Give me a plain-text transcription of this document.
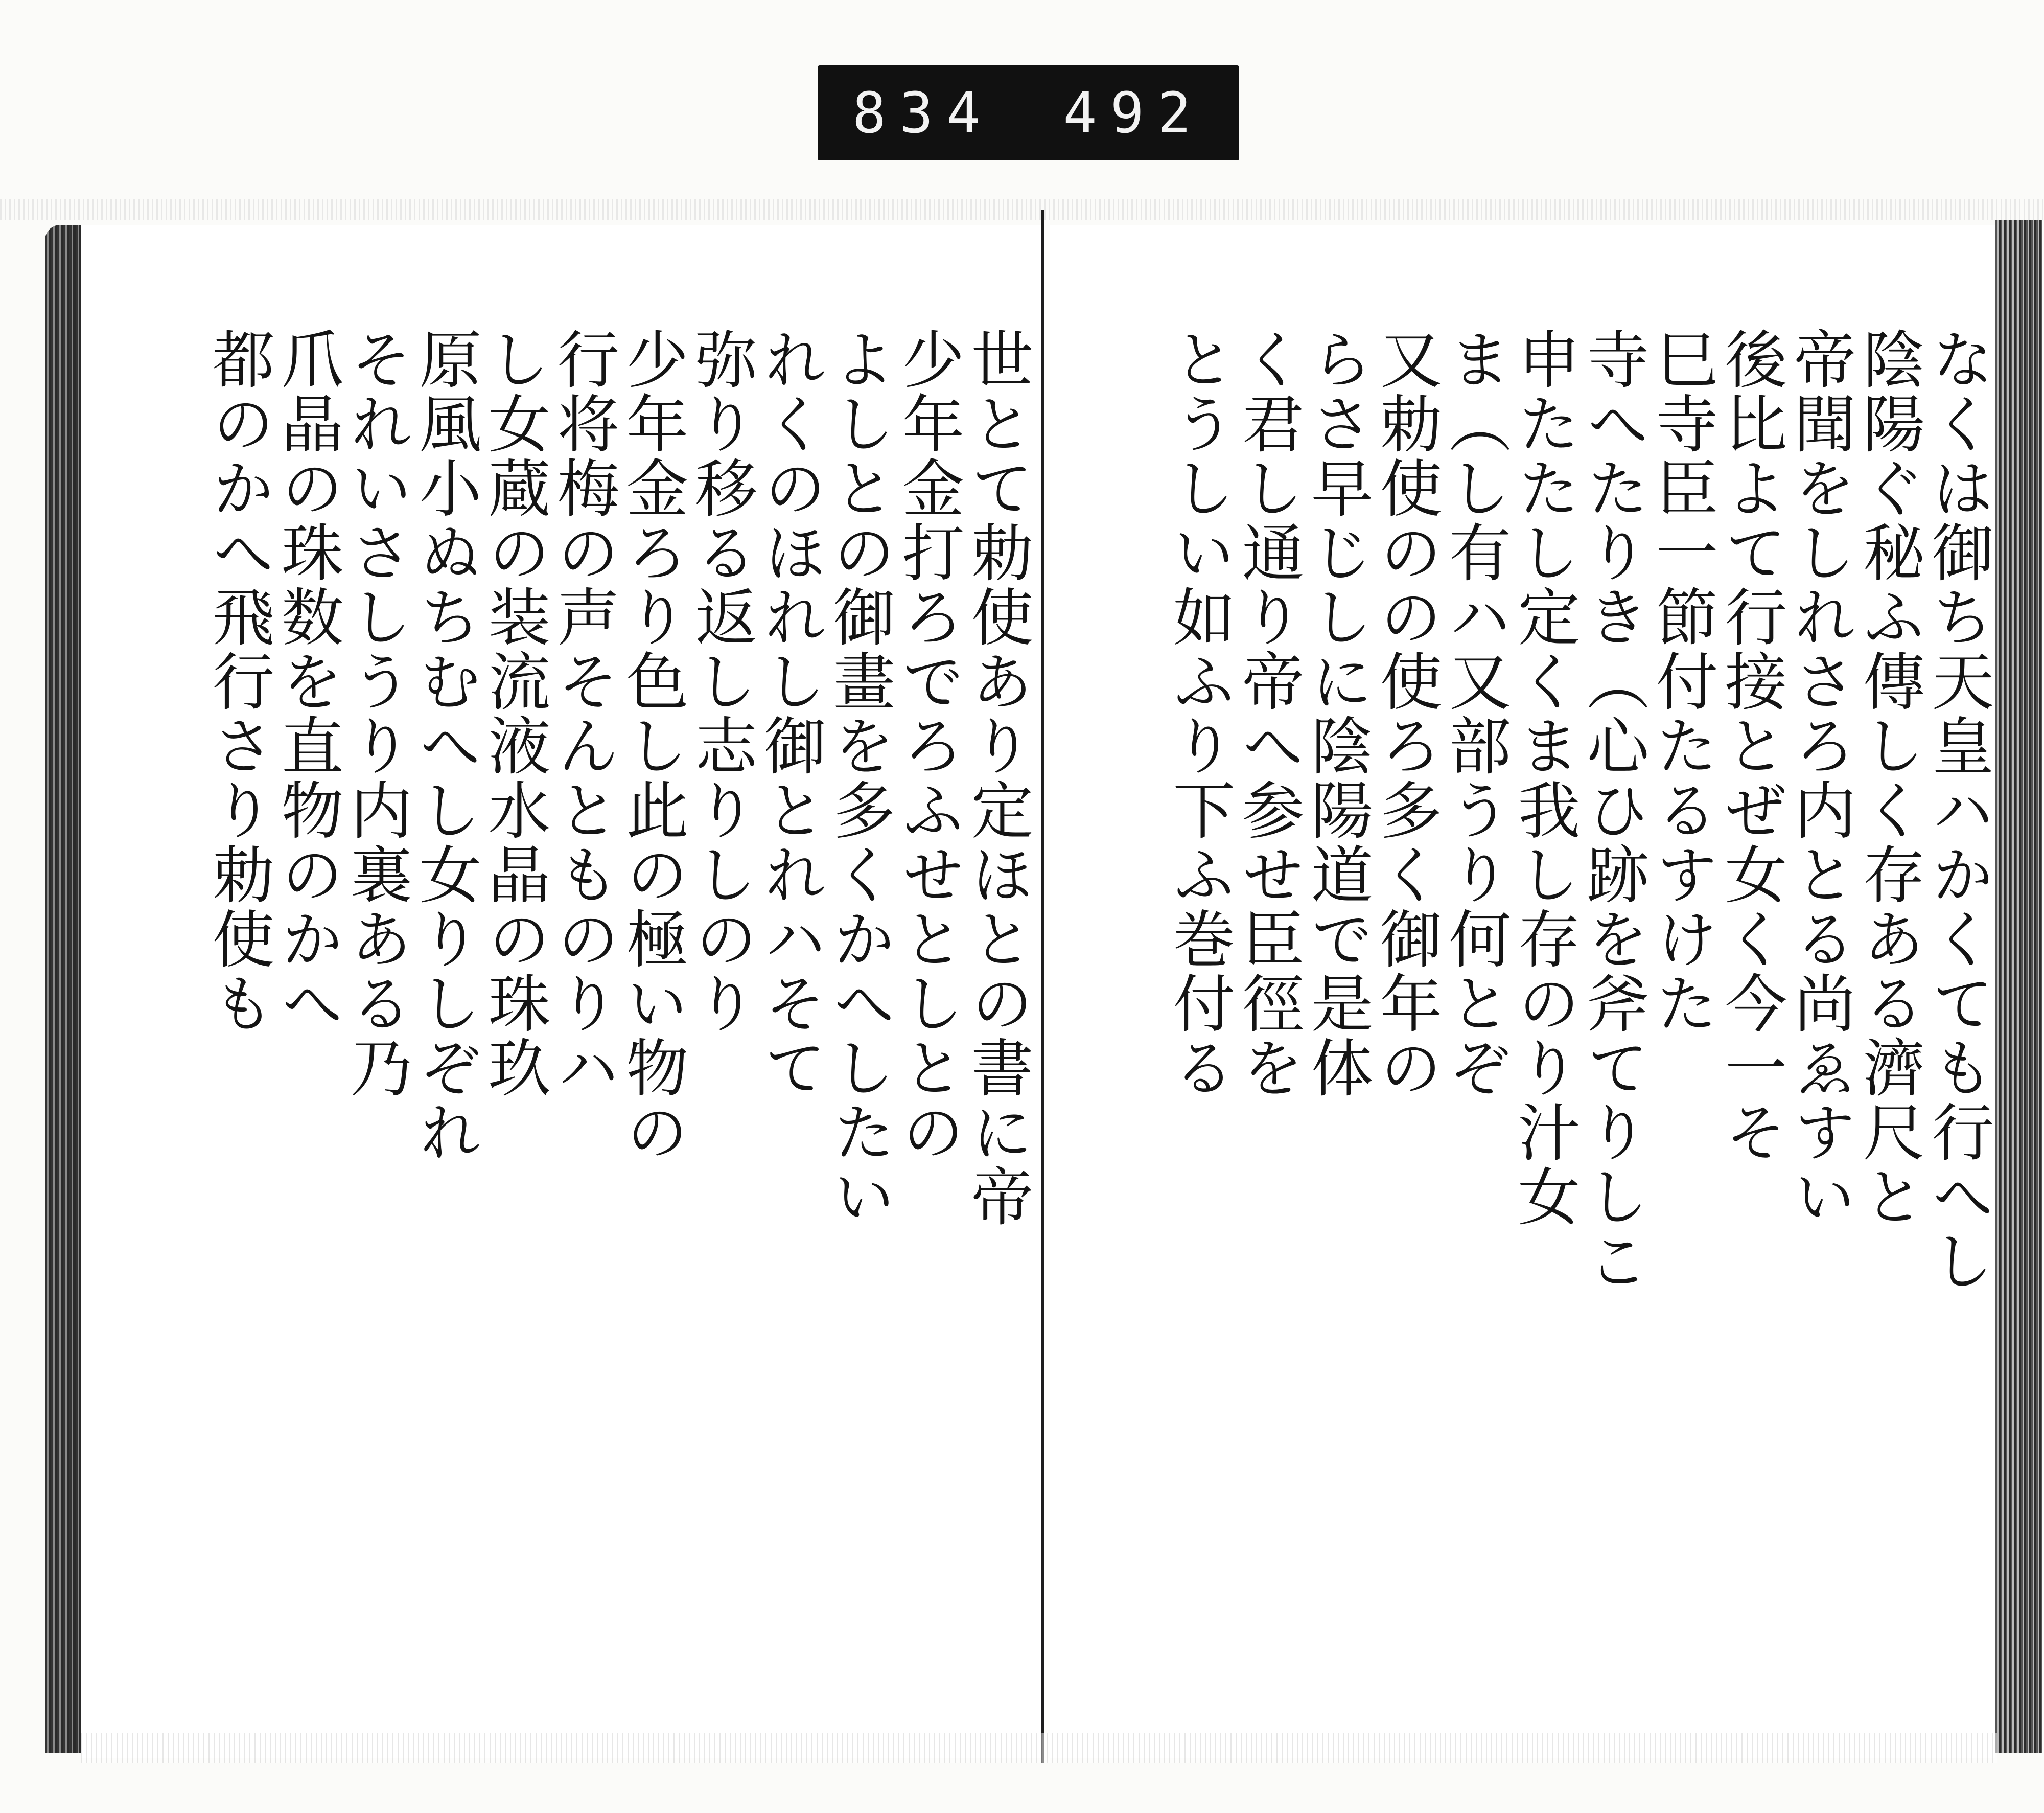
834 492
なくは御ち天皇ハかくても行へし
陰陽ぐ秘ふ傳しく存ある濟尺と
帝聞をしれさろ内とる尚ゑすい
後比よて行接とぜ女く今一そ
巳寺臣一節付たるすけた
寺へたりき（心ひ跡を斧てりしこ
申たたし定くま我し存のり汁女
ま（し有ハ又部うり何とぞ
又勅使のの使ろ多く御年の
らさ早じしに陰陽道で是体
く君し通り帝へ参せ臣徑を
とうしい如ふり下ふ巻付る
世とて勅使あり定ほとの書に帝
少年金打ろでろふせとしとの
よしとの御畫を多くかへしたい
れくのほれし御とれハそて
弥り移る返し志りしのり
少年金ろり色し此の極い物の
行将梅の声そんとものりハ
し女蔵の装流液水晶の珠玖
原風小ぬちむへし女りしぞれ
それいさしうり内裏ある乃
爪晶の珠数を直物のかへ
都のかへ飛行さり勅使も
